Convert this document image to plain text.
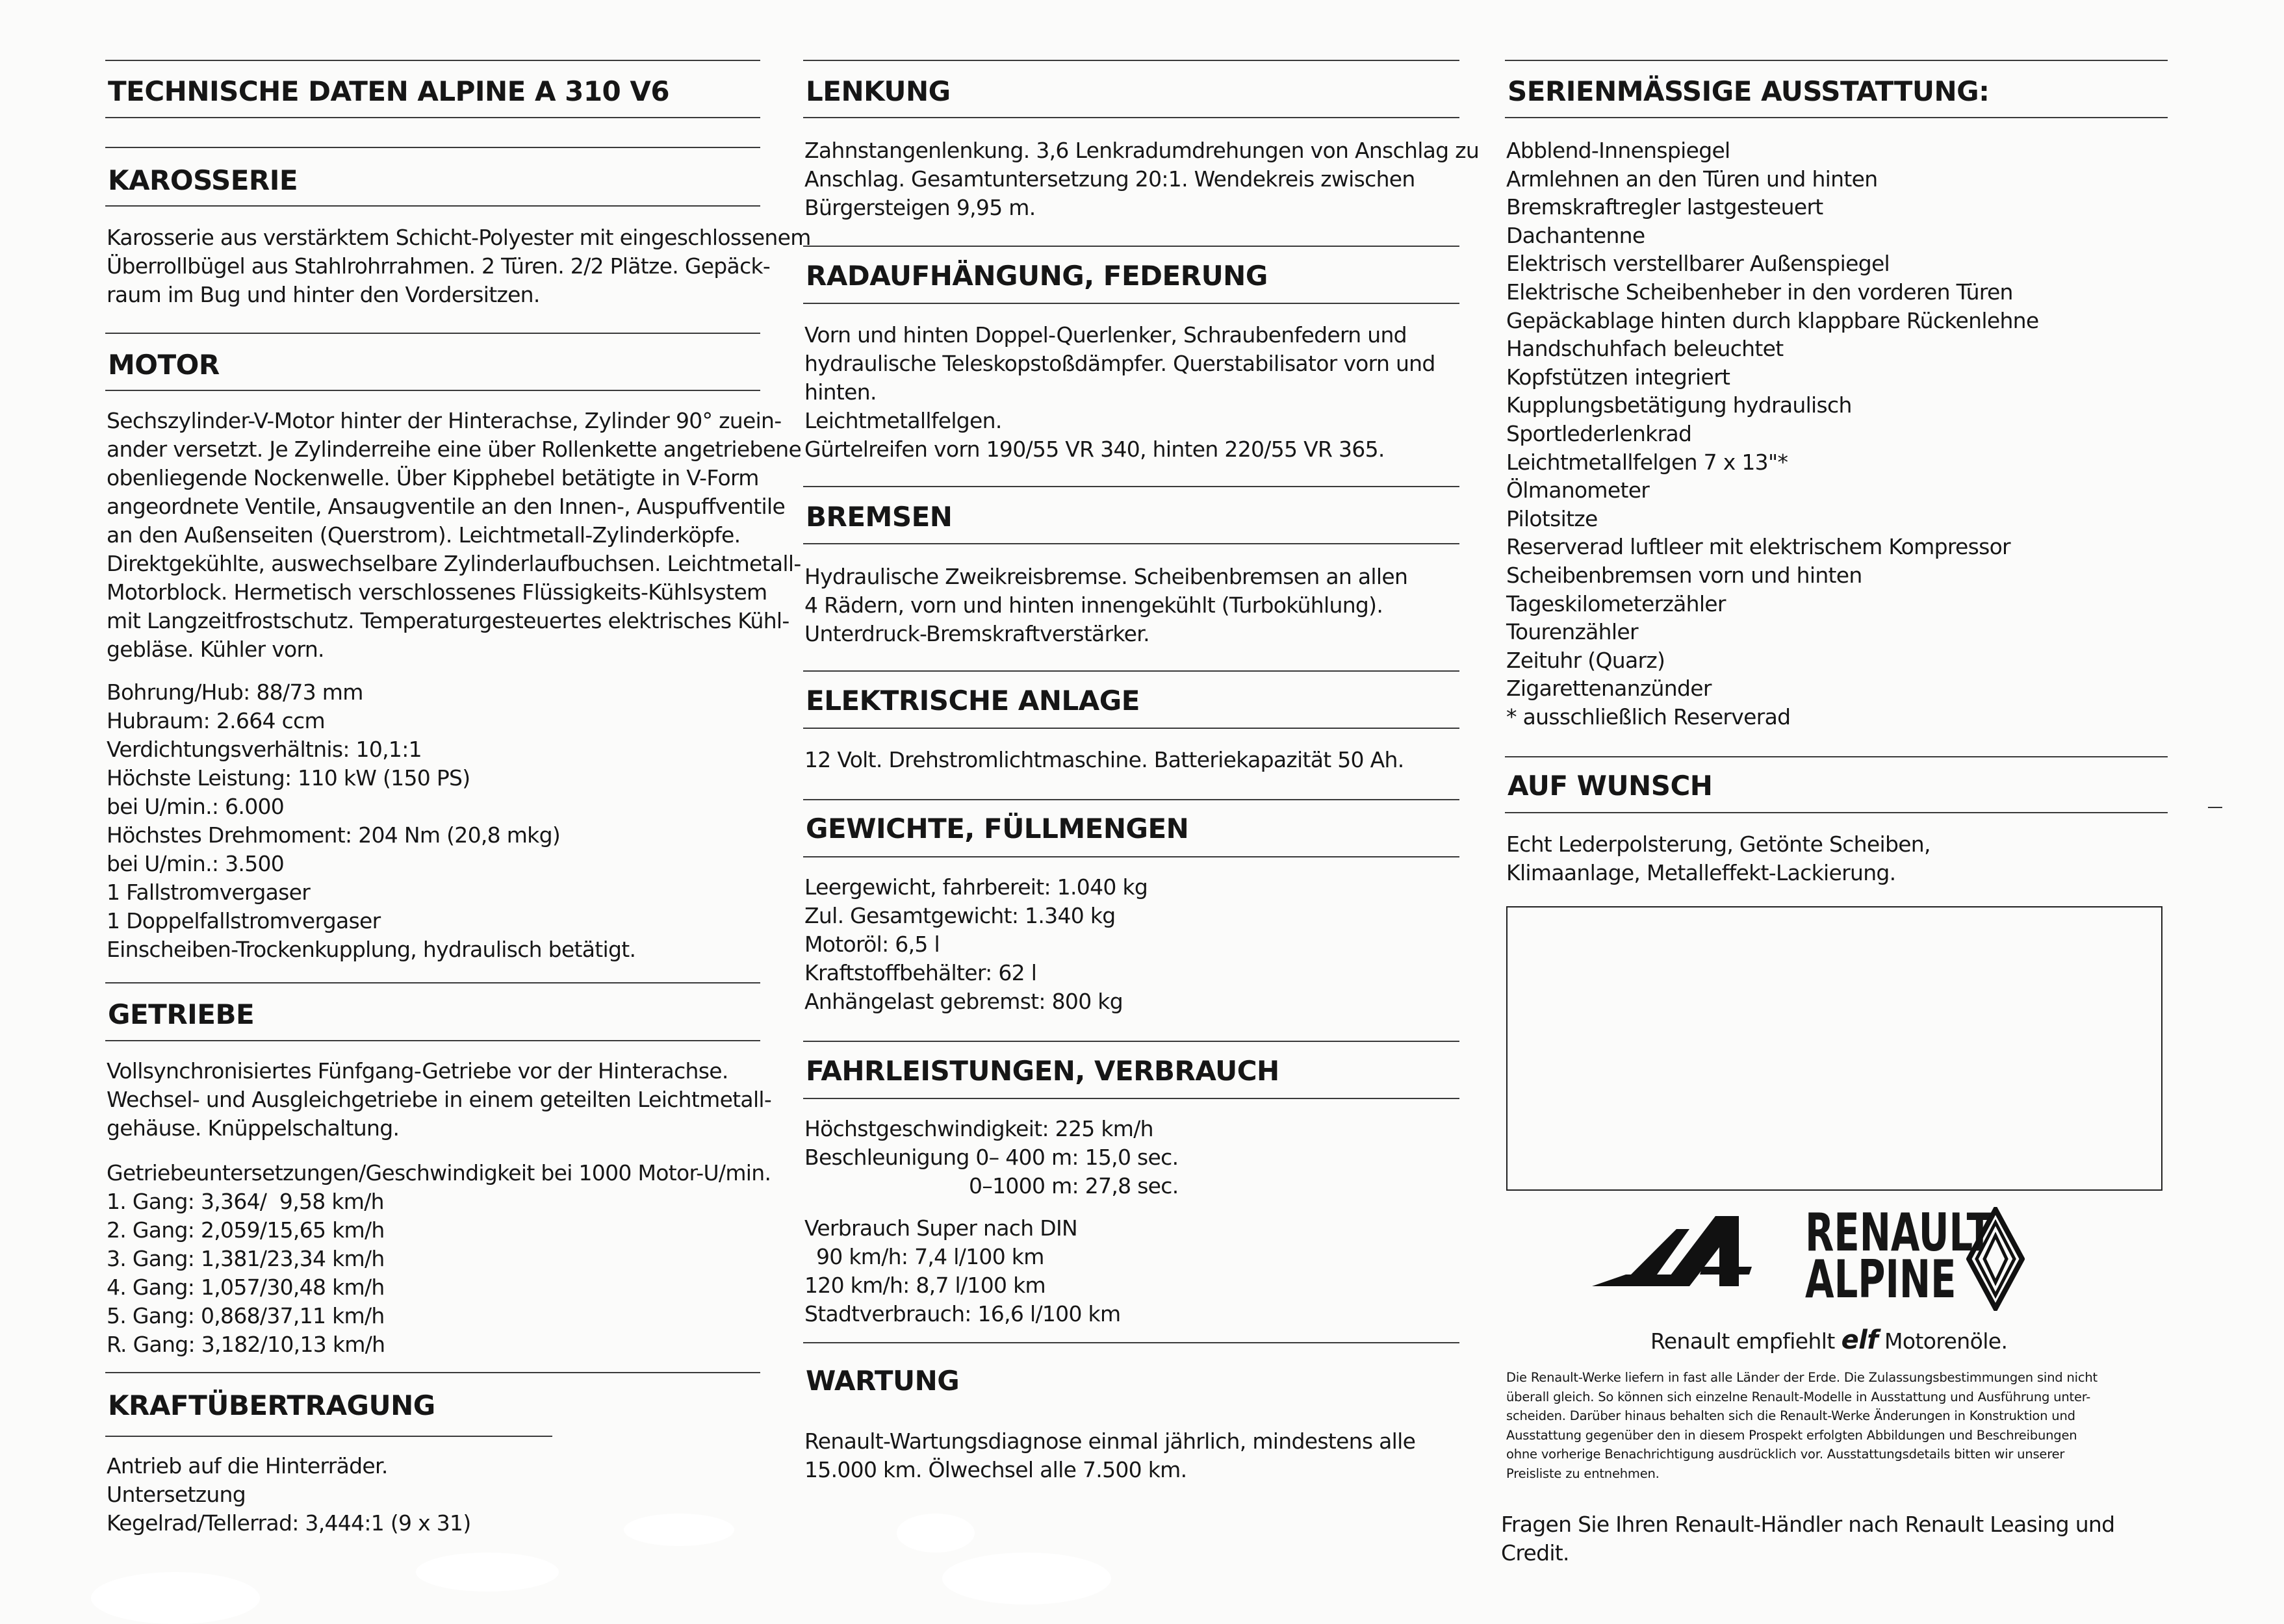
TECHNISCHE DATEN ALPINE A 310 V6
KAROSSERIE
Karosserie aus verstärktem Schicht-Polyester mit eingeschlossenem
Überrollbügel aus Stahlrohrrahmen. 2 Türen. 2/2 Plätze. Gepäck-
raum im Bug und hinter den Vordersitzen.
MOTOR
Sechszylinder-V-Motor hinter der Hinterachse, Zylinder 90° zuein-
ander versetzt. Je Zylinderreihe eine über Rollenkette angetriebene
obenliegende Nockenwelle. Über Kipphebel betätigte in V-Form
angeordnete Ventile, Ansaugventile an den Innen-, Auspuffventile
an den Außenseiten (Querstrom). Leichtmetall-Zylinderköpfe.
Direktgekühlte, auswechselbare Zylinderlaufbuchsen. Leichtmetall-
Motorblock. Hermetisch verschlossenes Flüssigkeits-Kühlsystem
mit Langzeitfrostschutz. Temperaturgesteuertes elektrisches Kühl-
gebläse. Kühler vorn.
Bohrung/Hub: 88/73 mm
Hubraum: 2.664 ccm
Verdichtungsverhältnis: 10,1:1
Höchste Leistung: 110 kW (150 PS)
bei U/min.: 6.000
Höchstes Drehmoment: 204 Nm (20,8 mkg)
bei U/min.: 3.500
1 Fallstromvergaser
1 Doppelfallstromvergaser
Einscheiben-Trockenkupplung, hydraulisch betätigt.
GETRIEBE
Vollsynchronisiertes Fünfgang-Getriebe vor der Hinterachse.
Wechsel- und Ausgleichgetriebe in einem geteilten Leichtmetall-
gehäuse. Knüppelschaltung.
Getriebeuntersetzungen/Geschwindigkeit bei 1000 Motor-U/min.
1. Gang: 3,364/  9,58 km/h
2. Gang: 2,059/15,65 km/h
3. Gang: 1,381/23,34 km/h
4. Gang: 1,057/30,48 km/h
5. Gang: 0,868/37,11 km/h
R. Gang: 3,182/10,13 km/h
KRAFTÜBERTRAGUNG
Antrieb auf die Hinterräder.
Untersetzung
Kegelrad/Tellerrad: 3,444:1 (9 x 31)
LENKUNG
Zahnstangenlenkung. 3,6 Lenkradumdrehungen von Anschlag zu
Anschlag. Gesamtuntersetzung 20:1. Wendekreis zwischen
Bürgersteigen 9,95 m.
RADAUFHÄNGUNG, FEDERUNG
Vorn und hinten Doppel-Querlenker, Schraubenfedern und
hydraulische Teleskopstoßdämpfer. Querstabilisator vorn und
hinten.
Leichtmetallfelgen.
Gürtelreifen vorn 190/55 VR 340, hinten 220/55 VR 365.
BREMSEN
Hydraulische Zweikreisbremse. Scheibenbremsen an allen
4 Rädern, vorn und hinten innengekühlt (Turbokühlung).
Unterdruck-Bremskraftverstärker.
ELEKTRISCHE ANLAGE
12 Volt. Drehstromlichtmaschine. Batteriekapazität 50 Ah.
GEWICHTE, FÜLLMENGEN
Leergewicht, fahrbereit: 1.040 kg
Zul. Gesamtgewicht: 1.340 kg
Motoröl: 6,5 l
Kraftstoffbehälter: 62 l
Anhängelast gebremst: 800 kg
FAHRLEISTUNGEN, VERBRAUCH
Höchstgeschwindigkeit: 225 km/h
Beschleunigung 0– 400 m: 15,0 sec.
0–1000 m: 27,8 sec.
Verbrauch Super nach DIN
90 km/h: 7,4 l/100 km
120 km/h: 8,7 l/100 km
Stadtverbrauch: 16,6 l/100 km
WARTUNG
Renault-Wartungsdiagnose einmal jährlich, mindestens alle
15.000 km. Ölwechsel alle 7.500 km.
SERIENMÄSSIGE AUSSTATTUNG:
Abblend-Innenspiegel
Armlehnen an den Türen und hinten
Bremskraftregler lastgesteuert
Dachantenne
Elektrisch verstellbarer Außenspiegel
Elektrische Scheibenheber in den vorderen Türen
Gepäckablage hinten durch klappbare Rückenlehne
Handschuhfach beleuchtet
Kopfstützen integriert
Kupplungsbetätigung hydraulisch
Sportlederlenkrad
Leichtmetallfelgen 7 x 13"*
Ölmanometer
Pilotsitze
Reserverad luftleer mit elektrischem Kompressor
Scheibenbremsen vorn und hinten
Tageskilometerzähler
Tourenzähler
Zeituhr (Quarz)
Zigarettenanzünder
* ausschließlich Reserverad
AUF WUNSCH
Echt Lederpolsterung, Getönte Scheiben,
Klimaanlage, Metalleffekt-Lackierung.
RENAULT
ALPINE
Renault empfiehlt elf Motorenöle.
Die Renault-Werke liefern in fast alle Länder der Erde. Die Zulassungsbestimmungen sind nicht
überall gleich. So können sich einzelne Renault-Modelle in Ausstattung und Ausführung unter-
scheiden. Darüber hinaus behalten sich die Renault-Werke Änderungen in Konstruktion und
Ausstattung gegenüber den in diesem Prospekt erfolgten Abbildungen und Beschreibungen
ohne vorherige Benachrichtigung ausdrücklich vor. Ausstattungsdetails bitten wir unserer
Preisliste zu entnehmen.
Fragen Sie Ihren Renault-Händler nach Renault Leasing und Credit.
